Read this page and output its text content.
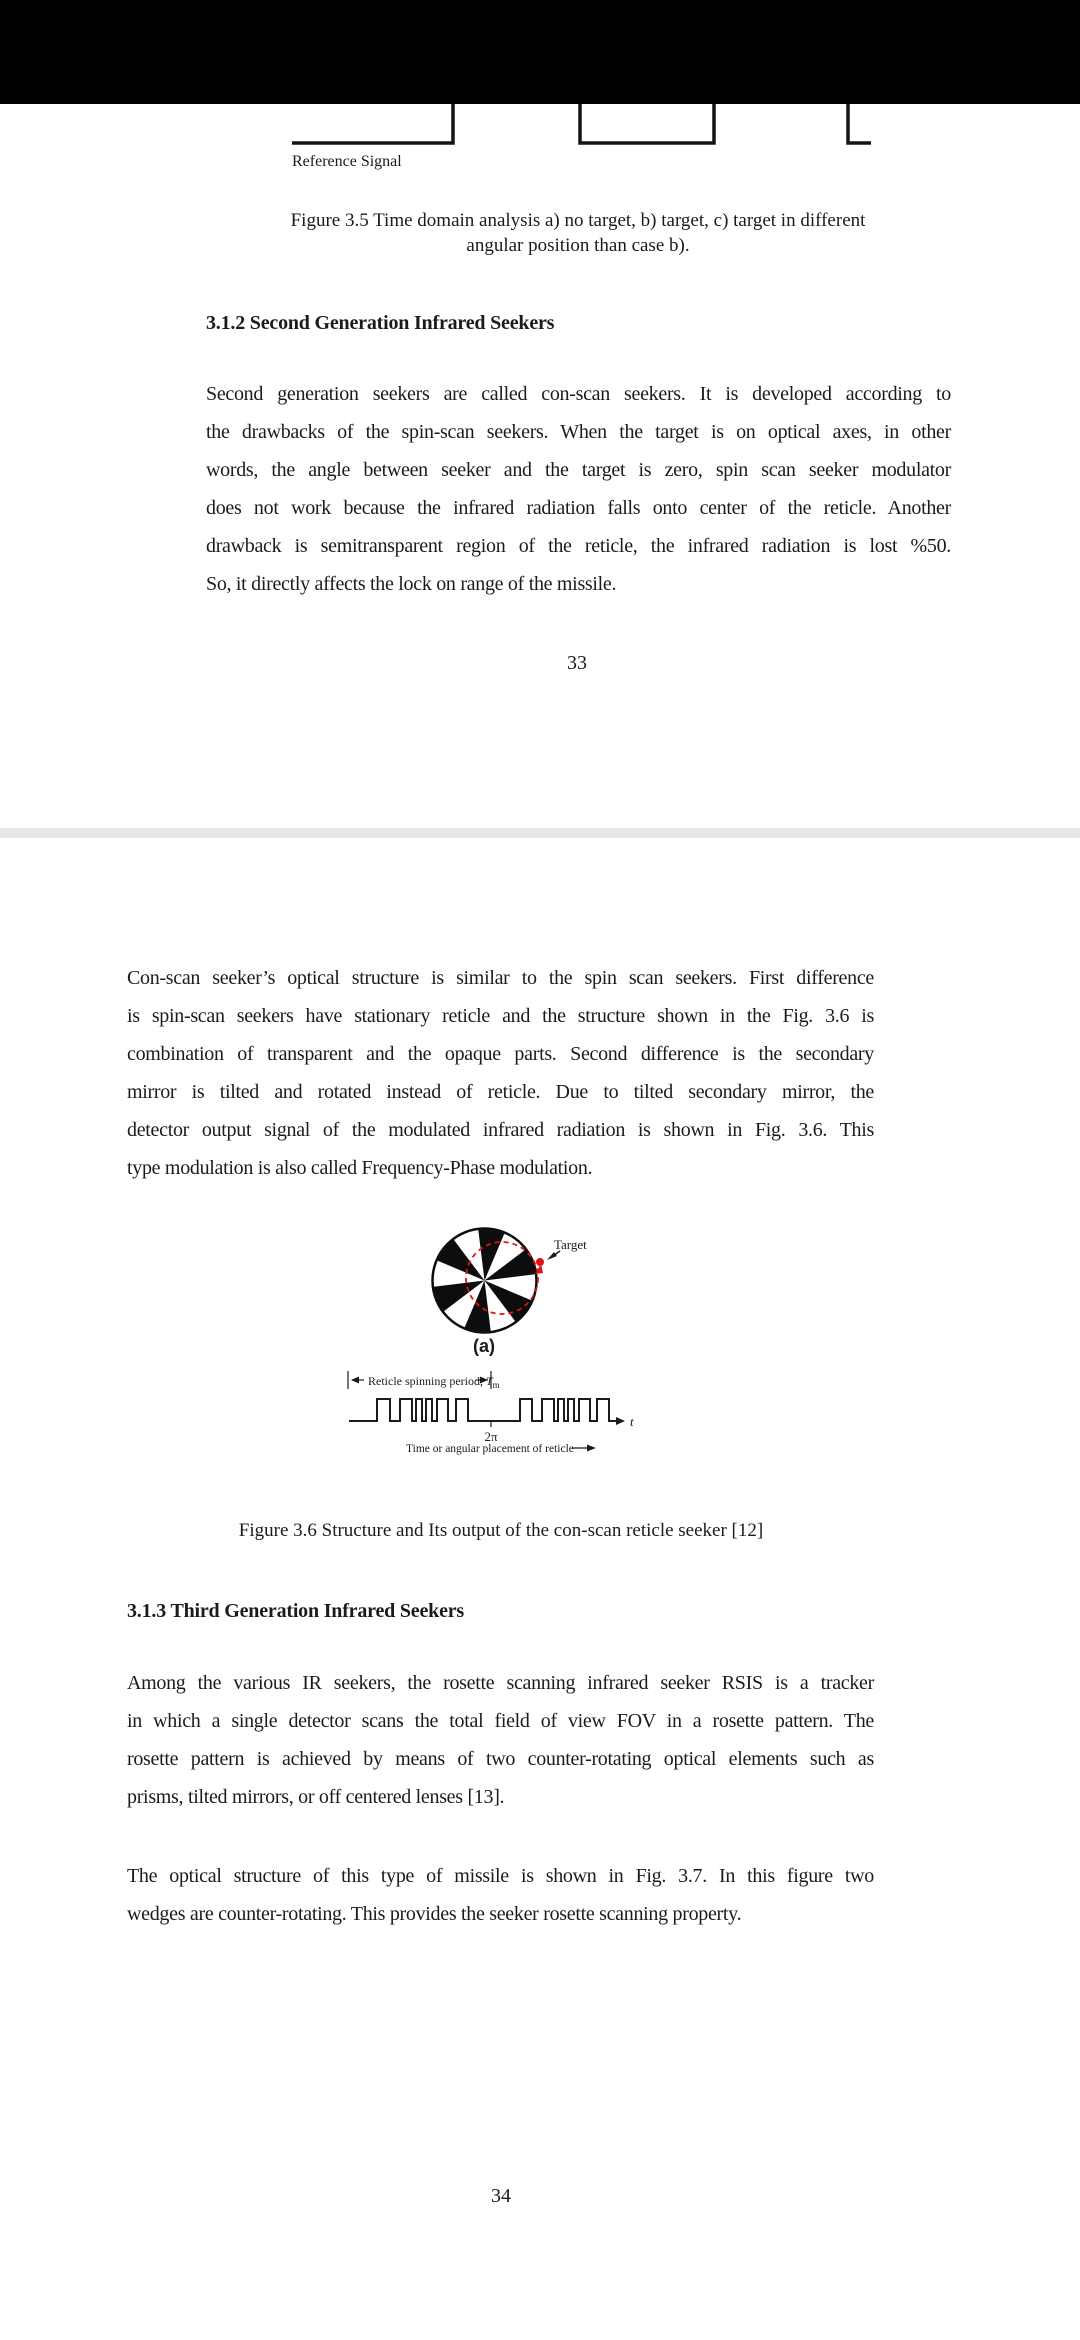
Reference Signal
Figure 3.5 Time domain analysis a) no target, b) target, c) target in different
angular position than case b).
3.1.2 Second Generation Infrared Seekers
Second generation seekers are called con-scan seekers. It is developed according to
the drawbacks of the spin-scan seekers. When the target is on optical axes, in other
words, the angle between seeker and the target is zero, spin scan seeker modulator
does not work because the infrared radiation falls onto center of the reticle. Another
drawback is semitransparent region of the reticle, the infrared radiation is lost %50.
So, it directly affects the lock on range of the missile.
33
Con-scan seeker’s optical structure is similar to the spin scan seekers. First difference
is spin-scan seekers have stationary reticle and the structure shown in the Fig. 3.6 is
combination of transparent and the opaque parts. Second difference is the secondary
mirror is tilted and rotated instead of reticle. Due to tilted secondary mirror, the
detector output signal of the modulated infrared radiation is shown in Fig. 3.6. This
type modulation is also called Frequency-Phase modulation.
Target
(a)
Reticle spinning period, $T_m$
t
2π
Time or angular placement of reticle
Figure 3.6 Structure and Its output of the con-scan reticle seeker [12]
3.1.3 Third Generation Infrared Seekers
Among the various IR seekers, the rosette scanning infrared seeker RSIS is a tracker
in which a single detector scans the total field of view FOV in a rosette pattern. The
rosette pattern is achieved by means of two counter-rotating optical elements such as
prisms, tilted mirrors, or off centered lenses [13].
The optical structure of this type of missile is shown in Fig. 3.7. In this figure two
wedges are counter-rotating. This provides the seeker rosette scanning property.
34
